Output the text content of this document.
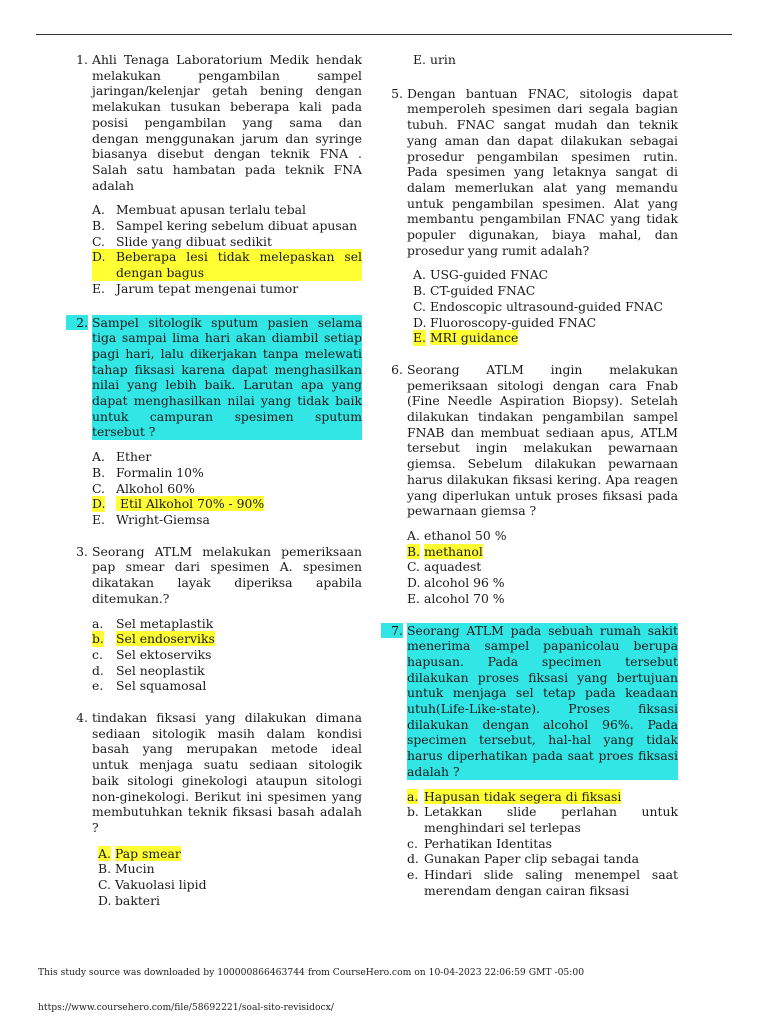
1. Ahli Tenaga Laboratorium Medik hendak melakukan pengambilan sampel jaringan/kelenjar getah bening dengan melakukan tusukan beberapa kali pada posisi pengambilan yang sama dan dengan menggunakan jarum dan syringe biasanya disebut dengan teknik FNA . Salah satu hambatan pada teknik FNA adalah
A. Membuat apusan terlalu tebal
B. Sampel kering sebelum dibuat apusan
C. Slide yang dibuat sedikit
D. Beberapa lesi tidak melepaskan sel dengan bagus
E. Jarum tepat mengenai tumor
2. Sampel sitologik sputum pasien selama tiga sampai lima hari akan diambil setiap pagi hari, lalu dikerjakan tanpa melewati tahap fiksasi karena dapat menghasilkan nilai yang lebih baik. Larutan apa yang dapat menghasilkan nilai yang tidak baik untuk campuran spesimen sputum tersebut ?
A. Ether
B. Formalin 10%
C. Alkohol 60%
D. Etil Alkohol 70% - 90%
E. Wright-Giemsa
3. Seorang ATLM melakukan pemeriksaan pap smear dari spesimen A. spesimen dikatakan layak diperiksa apabila ditemukan.?
a. Sel metaplastik
b. Sel endoserviks
c. Sel ektoserviks
d. Sel neoplastik
e. Sel squamosal
4. tindakan fiksasi yang dilakukan dimana sediaan sitologik masih dalam kondisi basah yang merupakan metode ideal untuk menjaga suatu sediaan sitologik baik sitologi ginekologi ataupun sitologi non-ginekologi. Berikut ini spesimen yang membutuhkan teknik fiksasi basah adalah ?
A. Pap smear
B. Mucin
C. Vakuolasi lipid
D. bakteri
E. urin
5. Dengan bantuan FNAC, sitologis dapat memperoleh spesimen dari segala bagian tubuh. FNAC sangat mudah dan teknik yang aman dan dapat dilakukan sebagai prosedur pengambilan spesimen rutin. Pada spesimen yang letaknya sangat di dalam memerlukan alat yang memandu untuk pengambilan spesimen. Alat yang membantu pengambilan FNAC yang tidak populer digunakan, biaya mahal, dan prosedur yang rumit adalah?
A. USG-guided FNAC
B. CT-guided FNAC
C. Endoscopic ultrasound-guided FNAC
D. Fluoroscopy-guided FNAC
E. MRI guidance
6. Seorang ATLM ingin melakukan pemeriksaan sitologi dengan cara Fnab (Fine Needle Aspiration Biopsy). Setelah dilakukan tindakan pengambilan sampel FNAB dan membuat sediaan apus, ATLM tersebut ingin melakukan pewarnaan giemsa. Sebelum dilakukan pewarnaan harus dilakukan fiksasi kering. Apa reagen yang diperlukan untuk proses fiksasi pada pewarnaan giemsa ?
A. ethanol 50 %
B. methanol
C. aquadest
D. alcohol 96 %
E. alcohol 70 %
7. Seorang ATLM pada sebuah rumah sakit menerima sampel papanicolau berupa hapusan. Pada specimen tersebut dilakukan proses fiksasi yang bertujuan untuk menjaga sel tetap pada keadaan utuh(Life-Like-state). Proses fiksasi dilakukan dengan alcohol 96%. Pada specimen tersebut, hal-hal yang tidak harus diperhatikan pada saat proes fiksasi adalah ?
a. Hapusan tidak segera di fiksasi
b. Letakkan slide perlahan untuk menghindari sel terlepas
c. Perhatikan Identitas
d. Gunakan Paper clip sebagai tanda
e. Hindari slide saling menempel saat merendam dengan cairan fiksasi
This study source was downloaded by 100000866463744 from CourseHero.com on 10-04-2023 22:06:59 GMT -05:00
https://www.coursehero.com/file/58692221/soal-sito-revisidocx/
